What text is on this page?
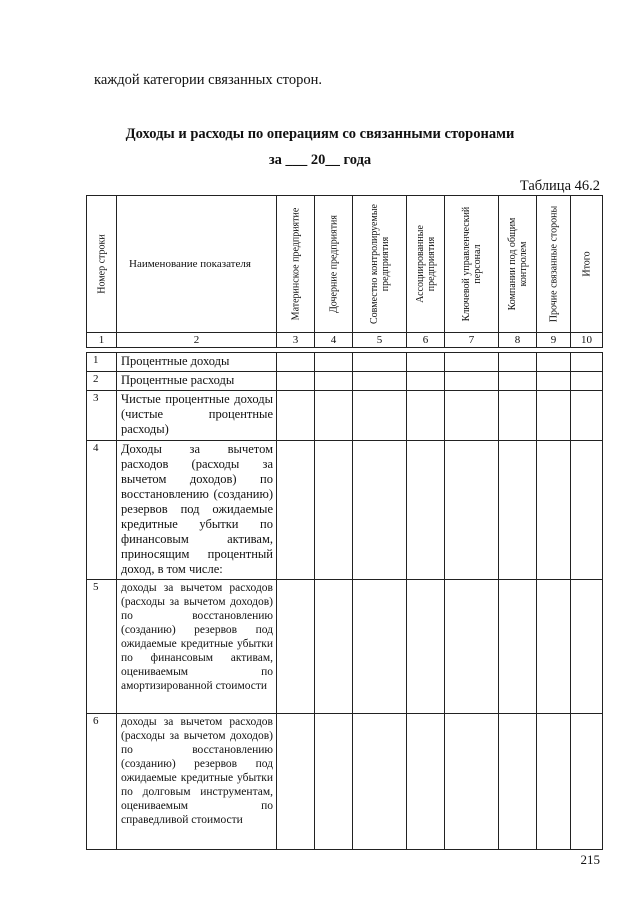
каждой категории связанных сторон.
Доходы и расходы по операциям со связанными сторонами
за ___ 20__ года
Таблица 46.2
Номер строки	Наименование показателя	Материнское предприятие	Дочерние предприятия	Совместно контролируемые предприятия	Ассоциированные предприятия	Ключевой управленческий персонал	Компании под общим контролем	Прочие связанные стороны	Итого

1	2	3	4	5	6	7	8	9	10

1	Процентные доходы								
2	Процентные расходы								
3	Чистые процентные доходы (чистые процентные расходы)								
4	Доходы за вычетом расходов (расходы за вычетом доходов) по восстановлению (созданию) резервов под ожидаемые кредитные убытки по финансовым активам, приносящим процентный доход, в том числе:								
5	доходы за вычетом расходов (расходы за вычетом доходов) по восстановлению (созданию) резервов под ожидаемые кредитные убытки по финансовым активам, оцениваемым по амортизированной стоимости								
6	доходы за вычетом расходов (расходы за вычетом доходов) по восстановлению (созданию) резервов под ожидаемые кредитные убытки по долговым инструментам, оцениваемым по справедливой стоимости								
215
